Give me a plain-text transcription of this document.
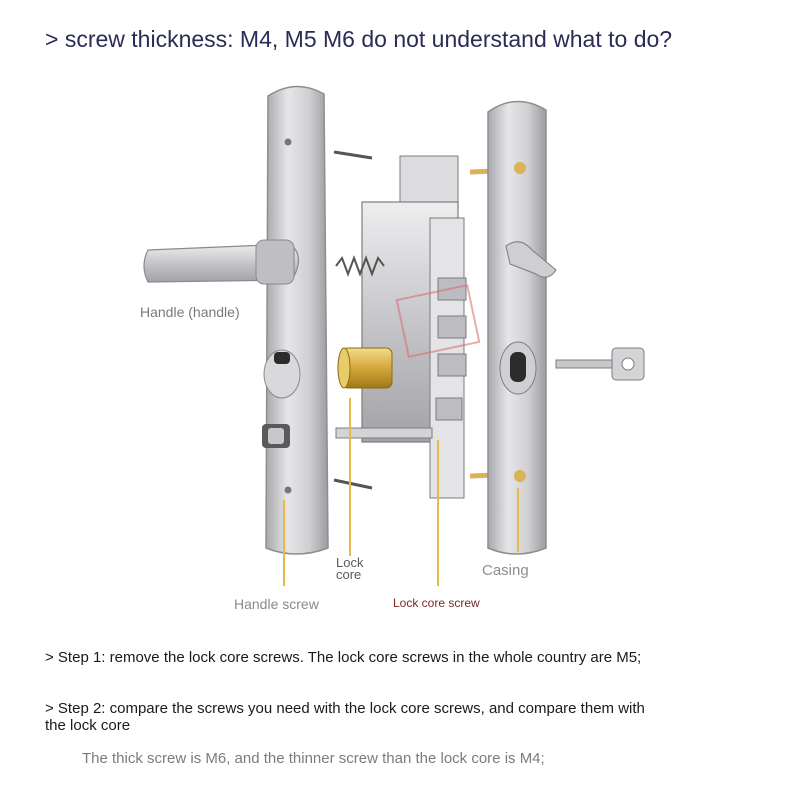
> screw thickness: M4, M5 M6 do not understand what to do?
Handle (handle)
Lock
core	Casing
Handle screw	Lock core screw
> Step 1: remove the lock core screws. The lock core screws in the whole country are M5;
> Step 2: compare the screws you need with the lock core screws, and compare them with the lock core
The thick screw is M6, and the thinner screw than the lock core is M4;
